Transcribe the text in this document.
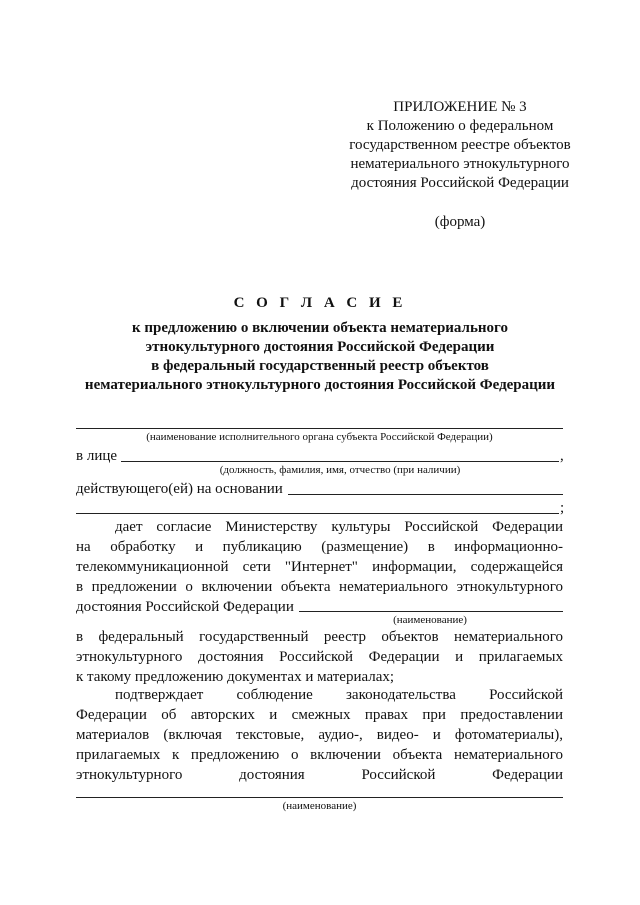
ПРИЛОЖЕНИЕ № 3
к Положению о федеральном
государственном реестре объектов
нематериального этнокультурного
достояния Российской Федерации
(форма)
С О Г Л А С И Е
к предложению о включении объекта нематериального
этнокультурного достояния Российской Федерации
в федеральный государственный реестр объектов
нематериального этнокультурного достояния Российской Федерации
(наименование исполнительного органа субъекта Российской Федерации)
в лице	,
(должность, фамилия, имя, отчество (при наличии)
действующего(ей) на основании
;
дает согласие Министерству культуры Российской Федерации
на обработку и публикацию (размещение) в информационно-
телекоммуникационной сети "Интернет" информации, содержащейся
в предложении о включении объекта нематериального этнокультурного
достояния Российской Федерации
(наименование)
в федеральный государственный реестр объектов нематериального
этнокультурного достояния Российской Федерации и прилагаемых
к такому предложению документах и материалах;
подтверждает соблюдение законодательства Российской
Федерации об авторских и смежных правах при предоставлении
материалов (включая текстовые, аудио-, видео- и фотоматериалы),
прилагаемых к предложению о включении объекта нематериального
этнокультурного достояния Российской Федерации
(наименование)
